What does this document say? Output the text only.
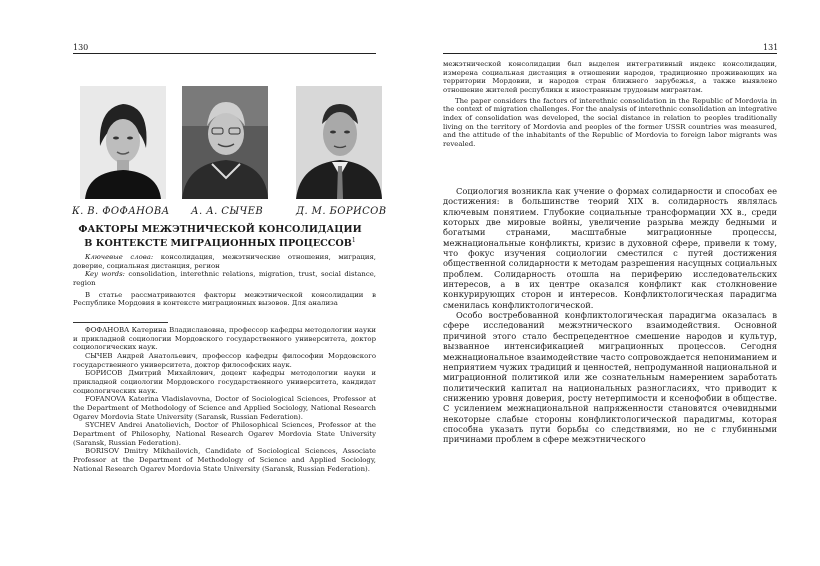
130
К. В. ФОФАНОВА А. А. СЫЧЕВ	Д. М. БОРИСОВ
ФАКТОРЫ МЕЖЭТНИЧЕСКОЙ КОНСОЛИДАЦИИ
В КОНТЕКСТЕ МИГРАЦИОННЫХ ПРОЦЕССОВ$^1$

Ключевые слова: консолидация, межэтнические отношения, миграция, доверие, социальная дистанция, регион

Key words: consolidation, interethnic relations, migration, trust, social distance, region

В статье рассматриваются факторы межэтнической консолидации в Республике Мордовия в контексте миграционных вызовов. Для анализа

ФОФАНОВА Катерина Владиславовна, профессор кафедры методологии науки и прикладной социологии Мордовского государственного университета, доктор социологических наук.

СЫЧЕВ Андрей Анатольевич, профессор кафедры философии Мордовского государственного университета, доктор философских наук.

БОРИСОВ Дмитрий Михайлович, доцент кафедры методологии науки и прикладной социологии Мордовского государственного университета, кандидат социологических наук.

FOFANOVA Katerina Vladislavovna, Doctor of Sociological Sciences, Professor at the Department of Methodology of Science and Applied Sociology, National Research Ogarev Mordovia State University (Saransk, Russian Federation).

SYCHEV Andrei Anatolievich, Doctor of Philosophical Sciences, Professor at the Department of Philosophy, National Research Ogarev Mordovia State University (Saransk, Russian Federation).

BORISOV Dmitry Mikhailovich, Candidate of Sociological Sciences, Associate Professor at the Department of Methodology of Science and Applied Sociology, National Research Ogarev Mordovia State University (Saransk, Russian Federation).

131

межэтнической консолидации был выделен интегративный индекс консолидации, измерена социальная дистанция в отношении народов, традиционно проживающих на территории Мордовии, и народов стран ближнего зарубежья, а также выявлено отношение жителей республики к иностранным трудовым мигрантам.

The paper considers the factors of interethnic consolidation in the Republic of Mordovia in the context of migration challenges. For the analysis of interethnic consolidation an integrative index of consolidation was developed, the social distance in relation to peoples traditionally living on the territory of Mordovia and peoples of the former USSR countries was measured, and the attitude of the inhabitants of the Republic of Mordovia to foreign labor migrants was revealed.

Социология возникла как учение о формах солидарности и способах ее достижения: в большинстве теорий XIX в. солидарность являлась ключевым понятием. Глубокие социальные трансформации XX в., среди которых две мировые войны, увеличение разрыва между бедными и богатыми странами, масштабные миграционные процессы, межнациональные конфликты, кризис в духовной сфере, привели к тому, что фокус изучения социологии сместился с путей достижения общественной солидарности к методам разрешения насущных социальных проблем. Солидарность отошла на периферию исследовательских интересов, а в их центре оказался конфликт как столкновение конкурирующих сторон и интересов. Конфликтологическая парадигма сменилась конфликтологической.

Особо востребованной конфликтологическая парадигма оказалась в сфере исследований межэтнического взаимодействия. Основной причиной этого стало беспрецедентное смешение народов и культур, вызванное интенсификацией миграционных процессов. Сегодня межнациональное взаимодействие часто сопровождается непониманием и неприятием чужих традиций и ценностей, непродуманной национальной и миграционной политикой или же сознательным намерением заработать политический капитал на национальных разногласиях, что приводит к снижению уровня доверия, росту нетерпимости и ксенофобии в обществе. С усилением межнациональной напряженности становятся очевидными некоторые слабые стороны конфликтологической парадигмы, которая способна указать пути борьбы со следствиями, но не с глубинными причинами проблем в сфере межэтнического
